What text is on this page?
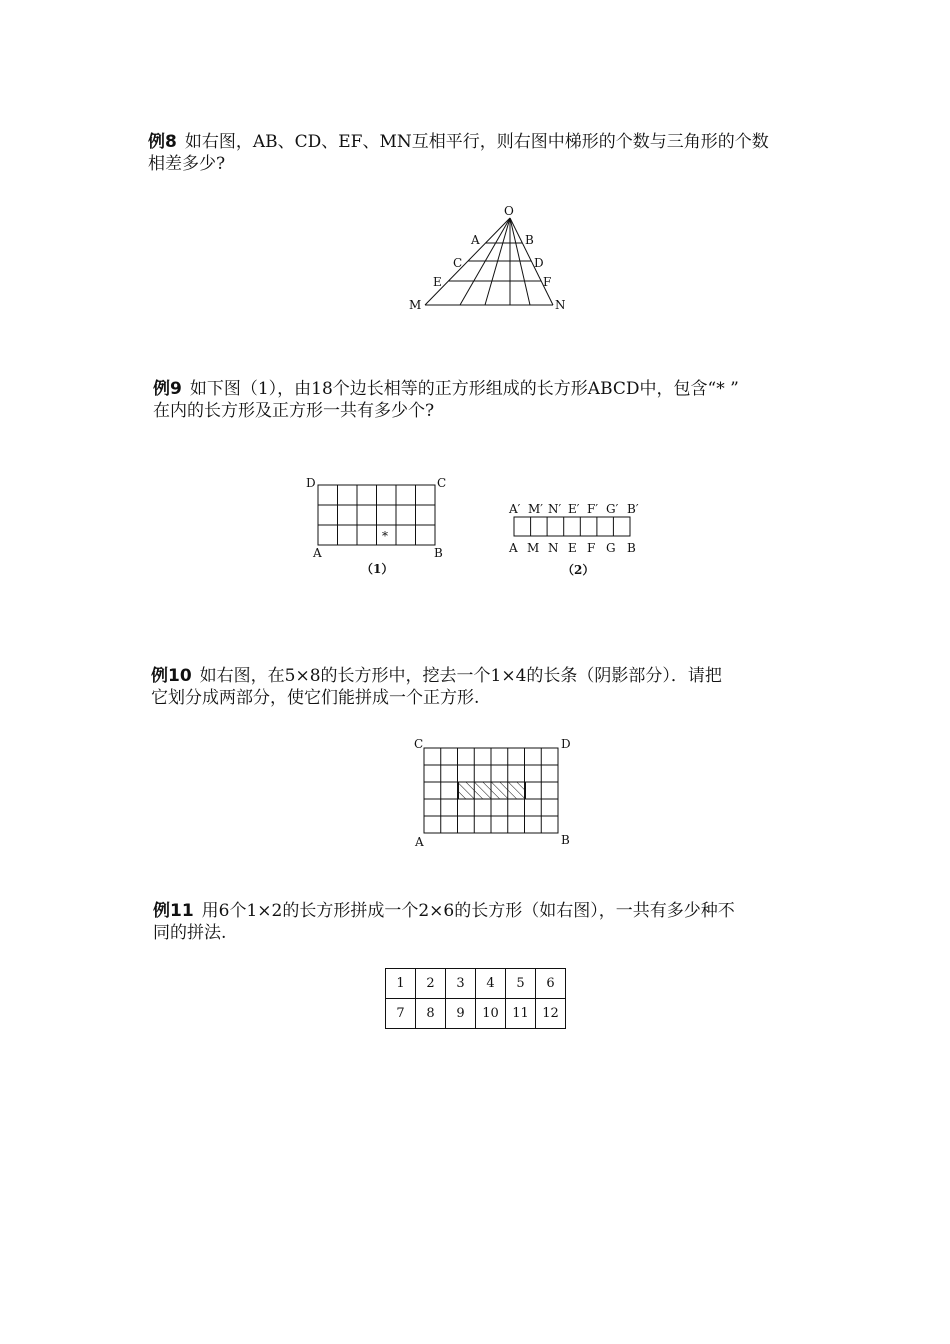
例8 如右图，AB、CD、EF、MN互相平行，则右图中梯形的个数与三角形的个数
相差多少?
O
A	B
C	D
E	F
M	N
例9 如下图（1），由18个边长相等的正方形组成的长方形ABCD中，包含“* ”
在内的长方形及正方形一共有多少个?
*
D	C
A	B
（1）
A′ M′ N′ E′ F′ G′ B′
A M N E F G B
（2）
例10 如右图，在5×8的长方形中，挖去一个1×4的长条（阴影部分）．请把
它划分成两部分，使它们能拼成一个正方形.
C	D
A	B
例11 用6个1×2的长方形拼成一个2×6的长方形（如右图），一共有多少种不
同的拼法.
1	2	3	4	5	6
7	8	9	10	11	12
